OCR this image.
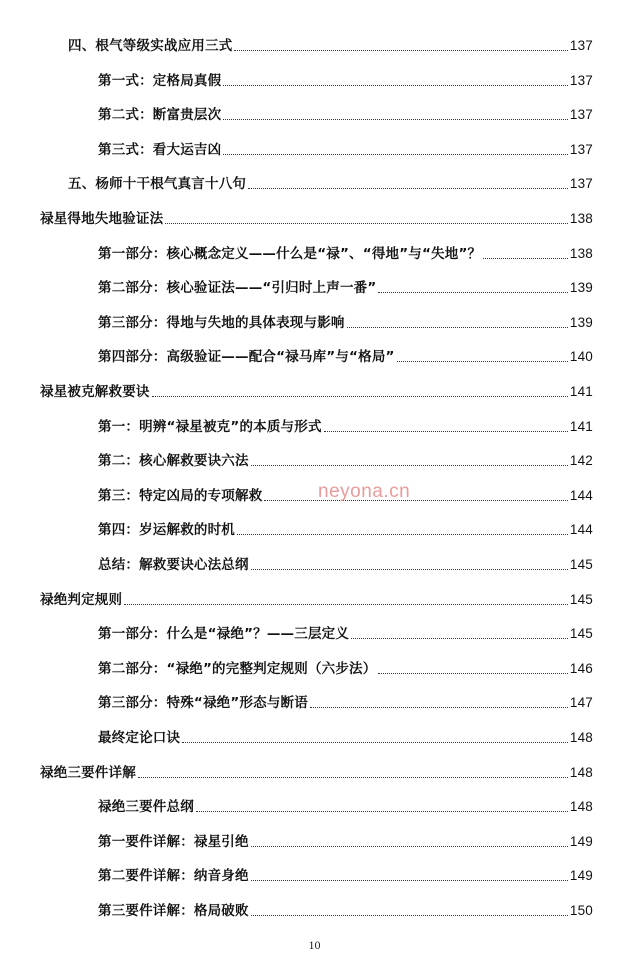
四、根气等级实战应用三式	137
第一式：定格局真假	137
第二式：断富贵层次	137
第三式：看大运吉凶	137
五、杨师十干根气真言十八句	137
禄星得地失地验证法	138
第一部分：核心概念定义——什么是“禄”、“得地”与“失地”？	138
第二部分：核心验证法——“引归时上声一番”	139
第三部分：得地与失地的具体表现与影响	139
第四部分：高级验证——配合“禄马库”与“格局”	140
禄星被克解救要诀	141
第一：明辨“禄星被克”的本质与形式	141
第二：核心解救要诀六法	142
第三：特定凶局的专项解救	144
第四：岁运解救的时机	144
总结：解救要诀心法总纲	145
禄绝判定规则	145
第一部分：什么是“禄绝”？——三层定义	145
第二部分：“禄绝”的完整判定规则（六步法）	146
第三部分：特殊“禄绝”形态与断语	147
最终定论口诀	148
禄绝三要件详解	148
禄绝三要件总纲	148
第一要件详解：禄星引绝	149
第二要件详解：纳音身绝	149
第三要件详解：格局破败	150
neyona.cn
10
